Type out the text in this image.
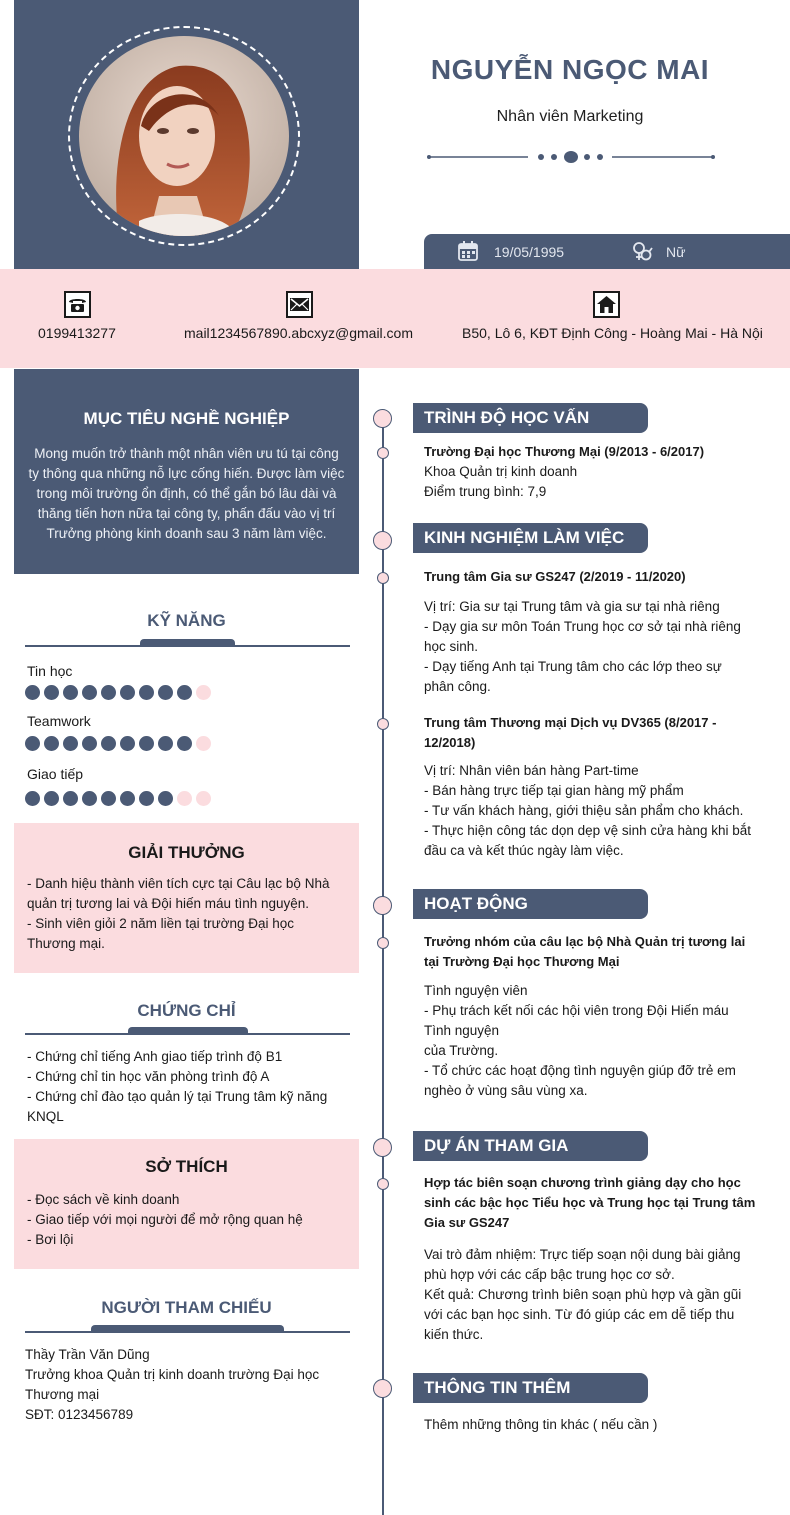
NGUYỄN NGỌC MAI
Nhân viên Marketing
19/05/1995	Nữ
0199413277	mail1234567890.abcxyz@gmail.com	B50, Lô 6, KĐT Định Công - Hoàng Mai - Hà Nội
MỤC TIÊU NGHỀ NGHIỆP
Mong muốn trở thành một nhân viên ưu tú tại công
ty thông qua những nỗ lực cống hiến. Được làm việc
trong môi trường ổn định, có thể gắn bó lâu dài và
thăng tiến hơn nữa tại công ty, phấn đấu vào vị trí
Trưởng phòng kinh doanh sau 3 năm làm việc.
KỸ NĂNG
Tin học
Teamwork
Giao tiếp
GIẢI THƯỞNG
- Danh hiệu thành viên tích cực tại Câu lạc bộ Nhà
quản trị tương lai và Đội hiến máu tình nguyện.
- Sinh viên giỏi 2 năm liền tại trường Đại học
Thương mại.
CHỨNG CHỈ
- Chứng chỉ tiếng Anh giao tiếp trình độ B1
- Chứng chỉ tin học văn phòng trình độ A
- Chứng chỉ đào tạo quản lý tại Trung tâm kỹ năng
KNQL
SỞ THÍCH
- Đọc sách về kinh doanh
- Giao tiếp với mọi người để mở rộng quan hệ
- Bơi lội
NGƯỜI THAM CHIẾU
Thầy Trần Văn Dũng
Trưởng khoa Quản trị kinh doanh trường Đại học
Thương mại
SĐT: 0123456789
TRÌNH ĐỘ HỌC VẤN
Trường Đại học Thương Mại (9/2013 - 6/2017)
Khoa Quản trị kinh doanh
Điểm trung bình: 7,9
KINH NGHIỆM LÀM VIỆC
Trung tâm Gia sư GS247 (2/2019 - 11/2020)
Vị trí: Gia sư tại Trung tâm và gia sư tại nhà riêng
- Dạy gia sư môn Toán Trung học cơ sở tại nhà riêng
học sinh.
- Dạy tiếng Anh tại Trung tâm cho các lớp theo sự
phân công.
Trung tâm Thương mại Dịch vụ DV365 (8/2017 -
12/2018)
Vị trí: Nhân viên bán hàng Part-time
- Bán hàng trực tiếp tại gian hàng mỹ phẩm
- Tư vấn khách hàng, giới thiệu sản phẩm cho khách.
- Thực hiện công tác dọn dẹp vệ sinh cửa hàng khi bắt
đầu ca và kết thúc ngày làm việc.
HOẠT ĐỘNG
Trưởng nhóm của câu lạc bộ Nhà Quản trị tương lai
tại Trường Đại học Thương Mại
Tình nguyện viên
- Phụ trách kết nối các hội viên trong Đội Hiến máu
Tình nguyện
của Trường.
- Tổ chức các hoạt động tình nguyện giúp đỡ trẻ em
nghèo ở vùng sâu vùng xa.
DỰ ÁN THAM GIA
Hợp tác biên soạn chương trình giảng dạy cho học
sinh các bậc học Tiểu học và Trung học tại Trung tâm
Gia sư GS247
Vai trò đảm nhiệm: Trực tiếp soạn nội dung bài giảng
phù hợp với các cấp bậc trung học cơ sở.
Kết quả: Chương trình biên soạn phù hợp và gần gũi
với các bạn học sinh. Từ đó giúp các em dễ tiếp thu
kiến thức.
THÔNG TIN THÊM
Thêm những thông tin khác ( nếu cần )
